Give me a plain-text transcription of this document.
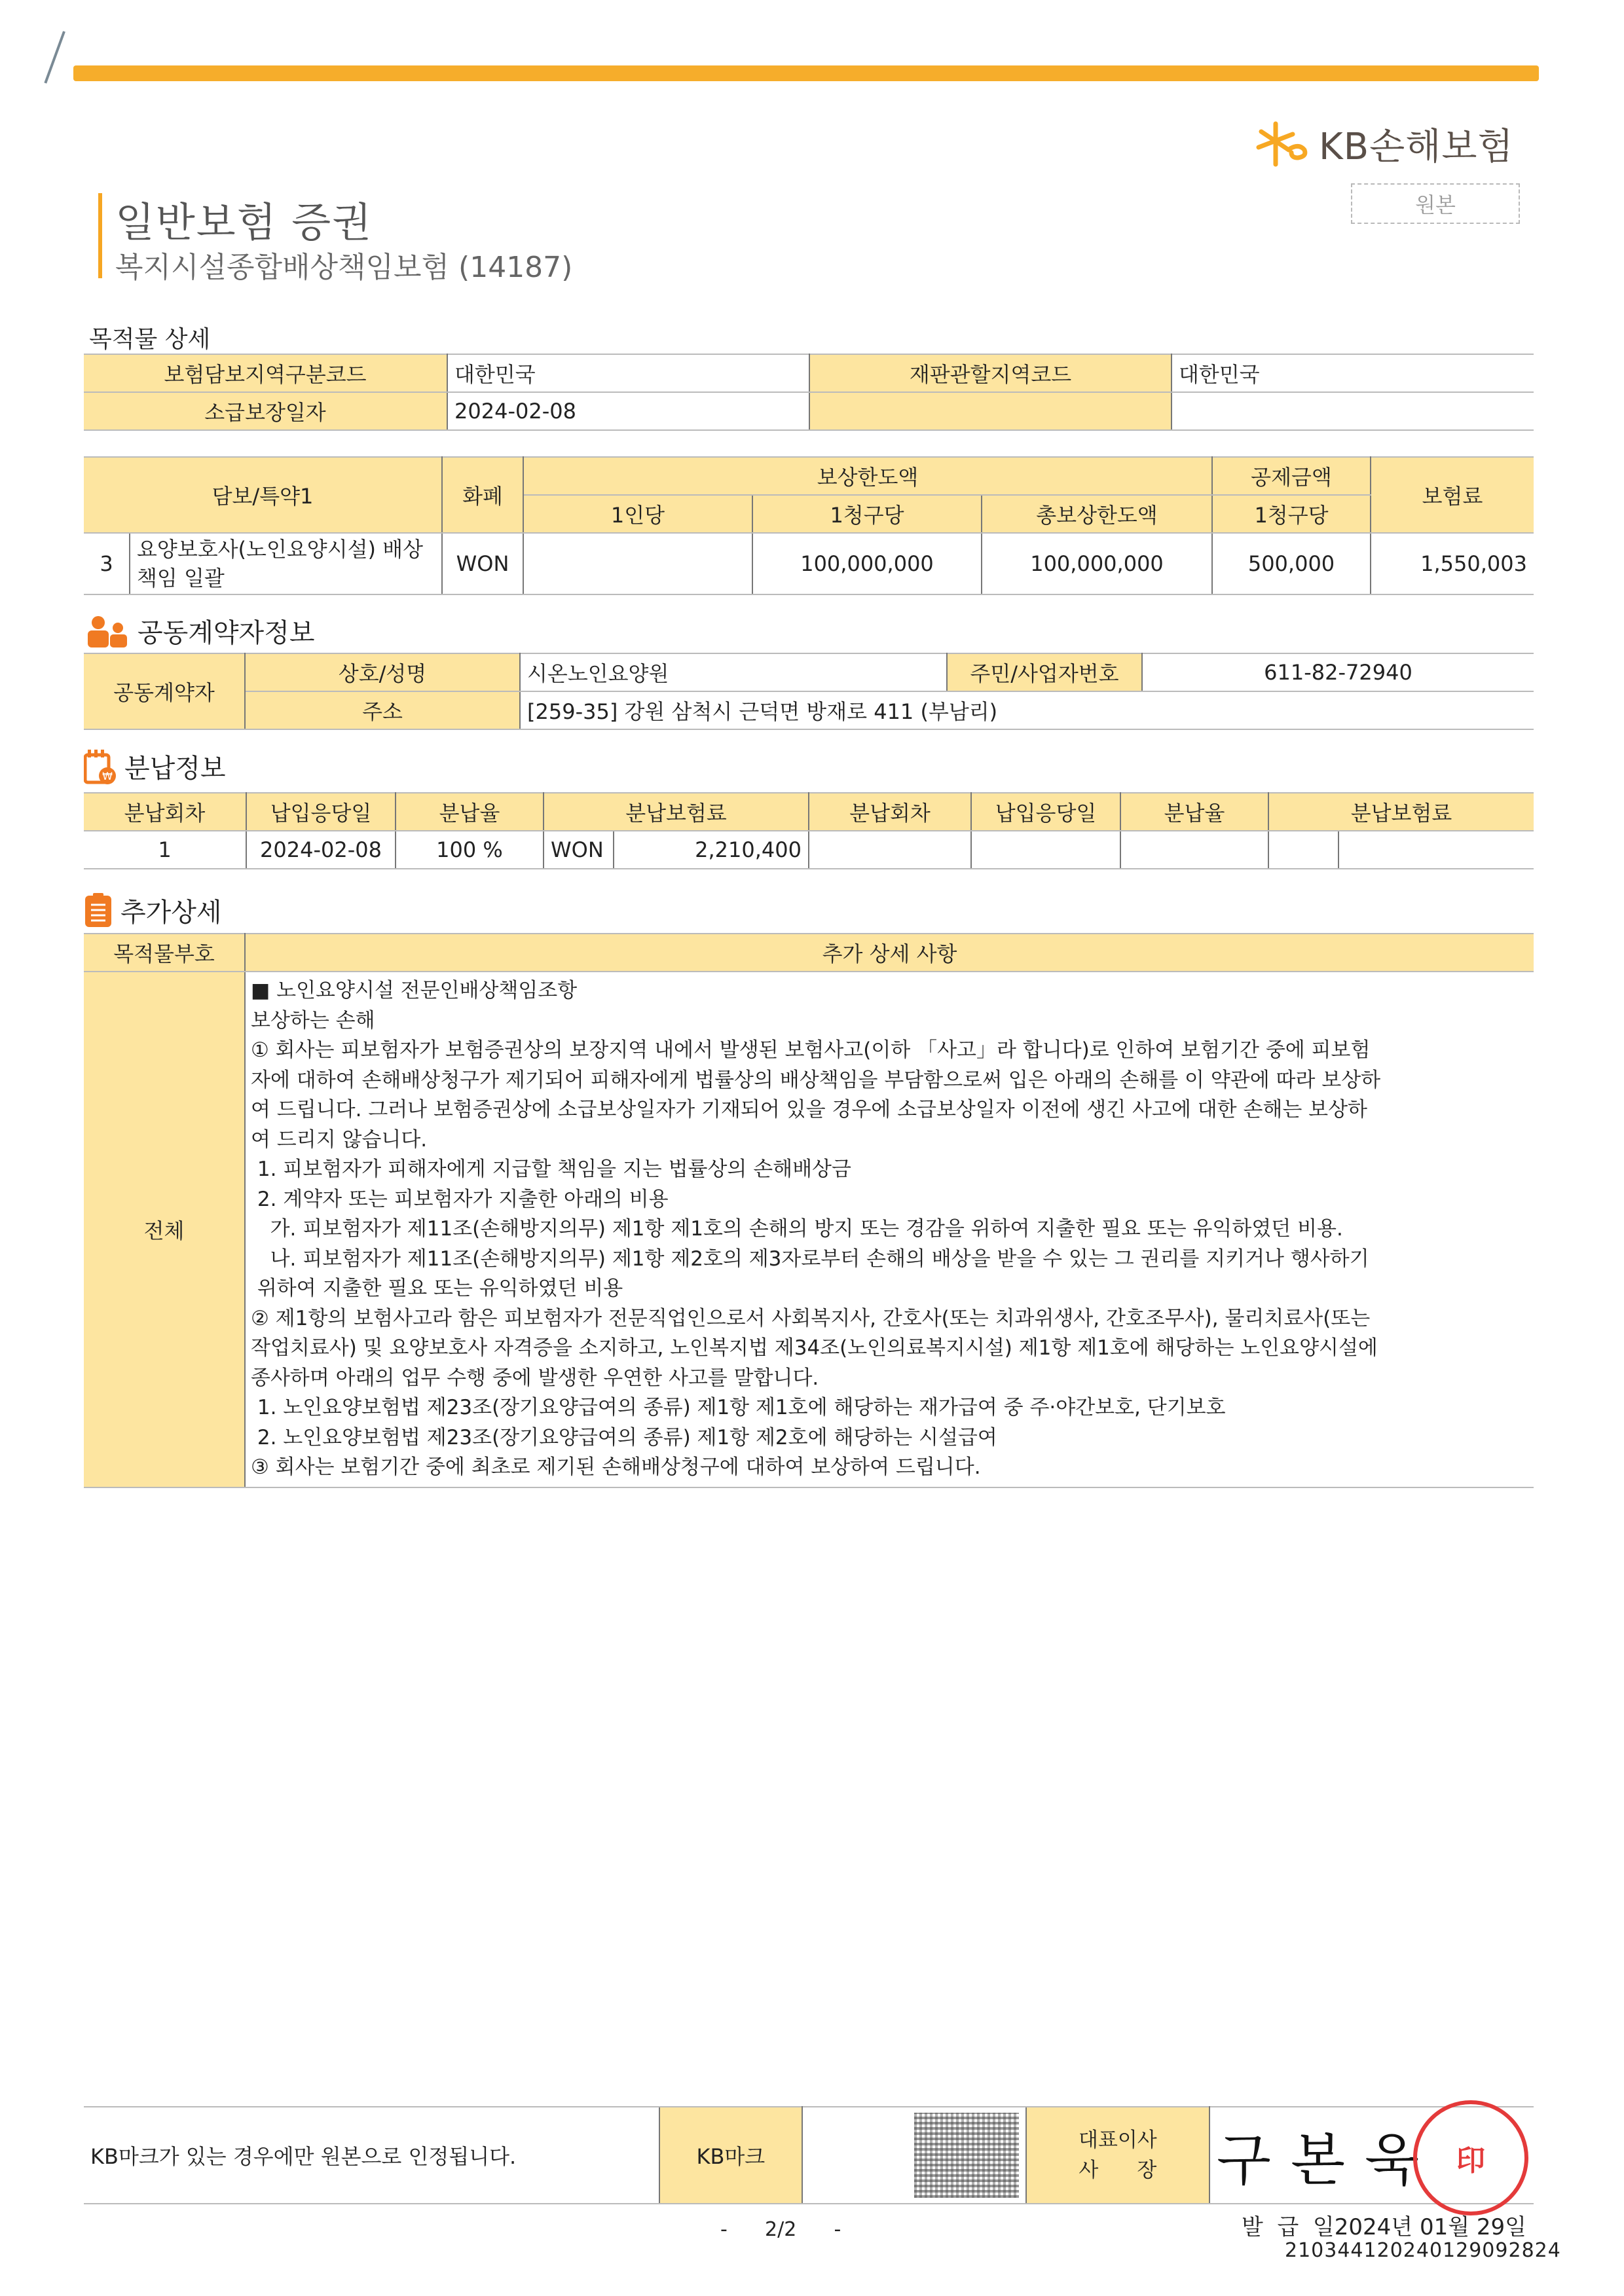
KB손해보험
원본
일반보험 증권
복지시설종합배상책임보험 (14187)
목적물 상세
보험담보지역구분코드	대한민국	재판관할지역코드	대한민국
소급보장일자	2024-02-08		
담보/특약1		화폐	보상한도액			공제금액	보험료
			1인당	1청구당	총보상한도액	1청구당	
3	요양보호사(노인요양시설) 배상책임 일괄	WON		100,000,000	100,000,000	500,000	1,550,003
공동계약자정보
공동계약자	상호/성명	시온노인요양원	주민/사업자번호	611-82-72940
	주소	[259-35] 강원 삼척시 근덕면 방재로 411 (부남리)		
₩ 분납정보
분납회차	납입응당일	분납율	분납보험료		분납회차	납입응당일	분납율	분납보험료	
1	2024-02-08	100 %	WON	2,210,400					
추가상세
목적물부호	추가 상세 사항
전체	
■ 노인요양시설 전문인배상책임조항
보상하는 손해
① 회사는 피보험자가 보험증권상의 보장지역 내에서 발생된 보험사고(이하 「사고」라 합니다)로 인하여 보험기간 중에 피보험
자에 대하여 손해배상청구가 제기되어 피해자에게 법률상의 배상책임을 부담함으로써 입은 아래의 손해를 이 약관에 따라 보상하
여 드립니다. 그러나 보험증권상에 소급보상일자가 기재되어 있을 경우에 소급보상일자 이전에 생긴 사고에 대한 손해는 보상하
여 드리지 않습니다.
1. 피보험자가 피해자에게 지급할 책임을 지는 법률상의 손해배상금
2. 계약자 또는 피보험자가 지출한 아래의 비용
가. 피보험자가 제11조(손해방지의무) 제1항 제1호의 손해의 방지 또는 경감을 위하여 지출한 필요 또는 유익하였던 비용.
나. 피보험자가 제11조(손해방지의무) 제1항 제2호의 제3자로부터 손해의 배상을 받을 수 있는 그 권리를 지키거나 행사하기
위하여 지출한 필요 또는 유익하였던 비용
② 제1항의 보험사고라 함은 피보험자가 전문직업인으로서 사회복지사, 간호사(또는 치과위생사, 간호조무사), 물리치료사(또는
작업치료사) 및 요양보호사 자격증을 소지하고, 노인복지법 제34조(노인의료복지시설) 제1항 제1호에 해당하는 노인요양시설에
종사하며 아래의 업무 수행 중에 발생한 우연한 사고를 말합니다.
1. 노인요양보험법 제23조(장기요양급여의 종류) 제1항 제1호에 해당하는 재가급여 중 주·야간보호, 단기보호
2. 노인요양보험법 제23조(장기요양급여의 종류) 제1항 제2호에 해당하는 시설급여
③ 회사는 보험기간 중에 최초로 제기된 손해배상청구에 대하여 보상하여 드립니다.
KB마크가 있는 경우에만 원본으로 인정됩니다.	KB마크	

대표이사
사      장	구본욱 印
-      2/2      -	발  급  일2024년 01월 29일
21034412024012909282​4
